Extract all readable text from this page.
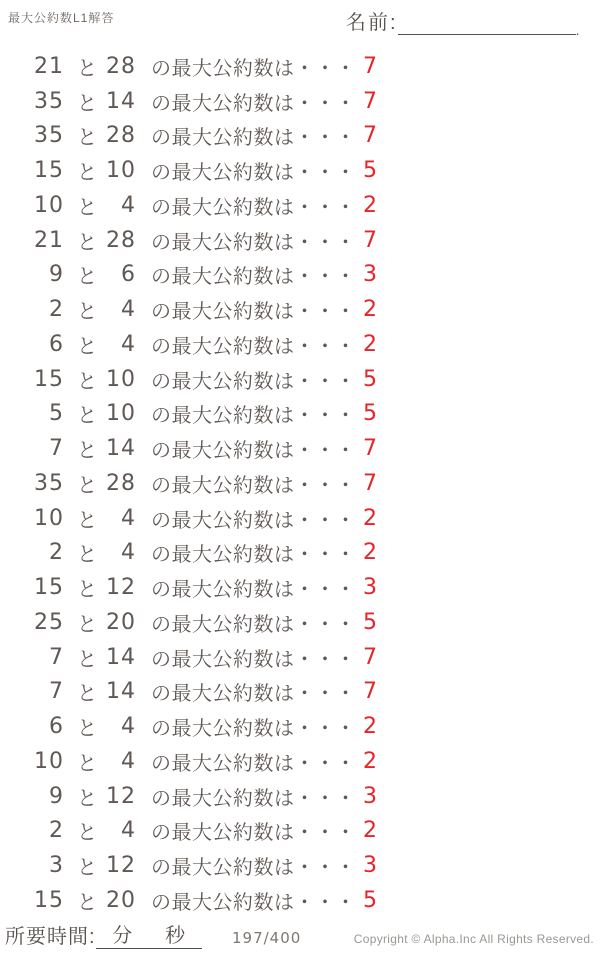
最大公約数L1解答	名前:	.
21 と 28 の最大公約数は・・・ 7
35 と 14 の最大公約数は・・・ 7
35 と 28 の最大公約数は・・・ 7
15 と 10 の最大公約数は・・・ 5
10 と	4 の最大公約数は・・・ 2
21 と 28 の最大公約数は・・・ 7
9 と	6 の最大公約数は・・・ 3
2 と	4 の最大公約数は・・・ 2
6 と	4 の最大公約数は・・・ 2
15 と 10 の最大公約数は・・・ 5
5 と 10 の最大公約数は・・・ 5
7 と 14 の最大公約数は・・・ 7
35 と 28 の最大公約数は・・・ 7
10 と	4 の最大公約数は・・・ 2
2 と	4 の最大公約数は・・・ 2
15 と 12 の最大公約数は・・・ 3
25 と 20 の最大公約数は・・・ 5
7 と 14 の最大公約数は・・・ 7
7 と 14 の最大公約数は・・・ 7
6 と	4 の最大公約数は・・・ 2
10 と	4 の最大公約数は・・・ 2
9 と 12 の最大公約数は・・・ 3
2 と	4 の最大公約数は・・・ 2
3 と 12 の最大公約数は・・・ 3
15 と 20 の最大公約数は・・・ 5
所要時間: 分 秒	197/400	Copyright © Alpha.Inc All Rights Reserved.
